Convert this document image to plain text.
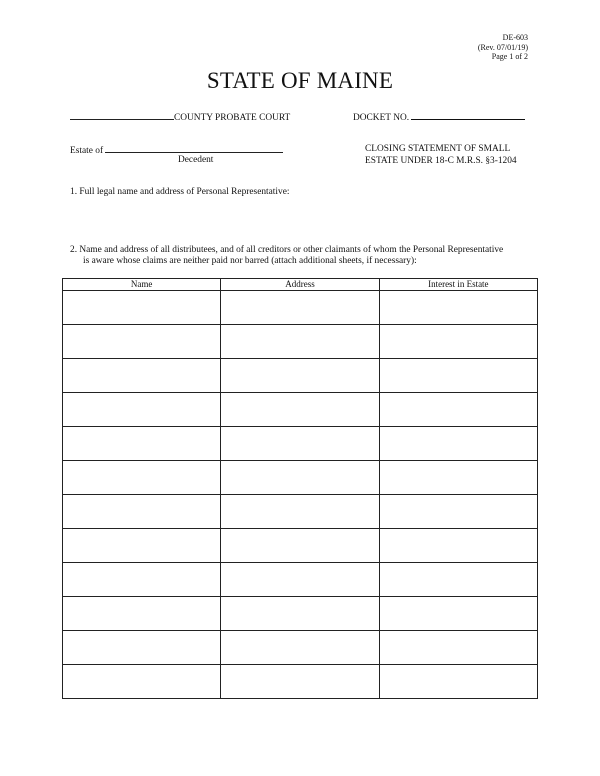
DE-603
(Rev. 07/01/19)
Page 1 of 2
STATE OF MAINE
COUNTY PROBATE COURT	DOCKET NO.
Estate of
Decedent
CLOSING STATEMENT OF SMALL
ESTATE UNDER 18-C M.R.S. §3-1204
1. Full legal name and address of Personal Representative:
2. Name and address of all distributees, and of all creditors or other claimants of whom the Personal Representative
is aware whose claims are neither paid nor barred (attach additional sheets, if necessary):
Name	Address	Interest in Estate
